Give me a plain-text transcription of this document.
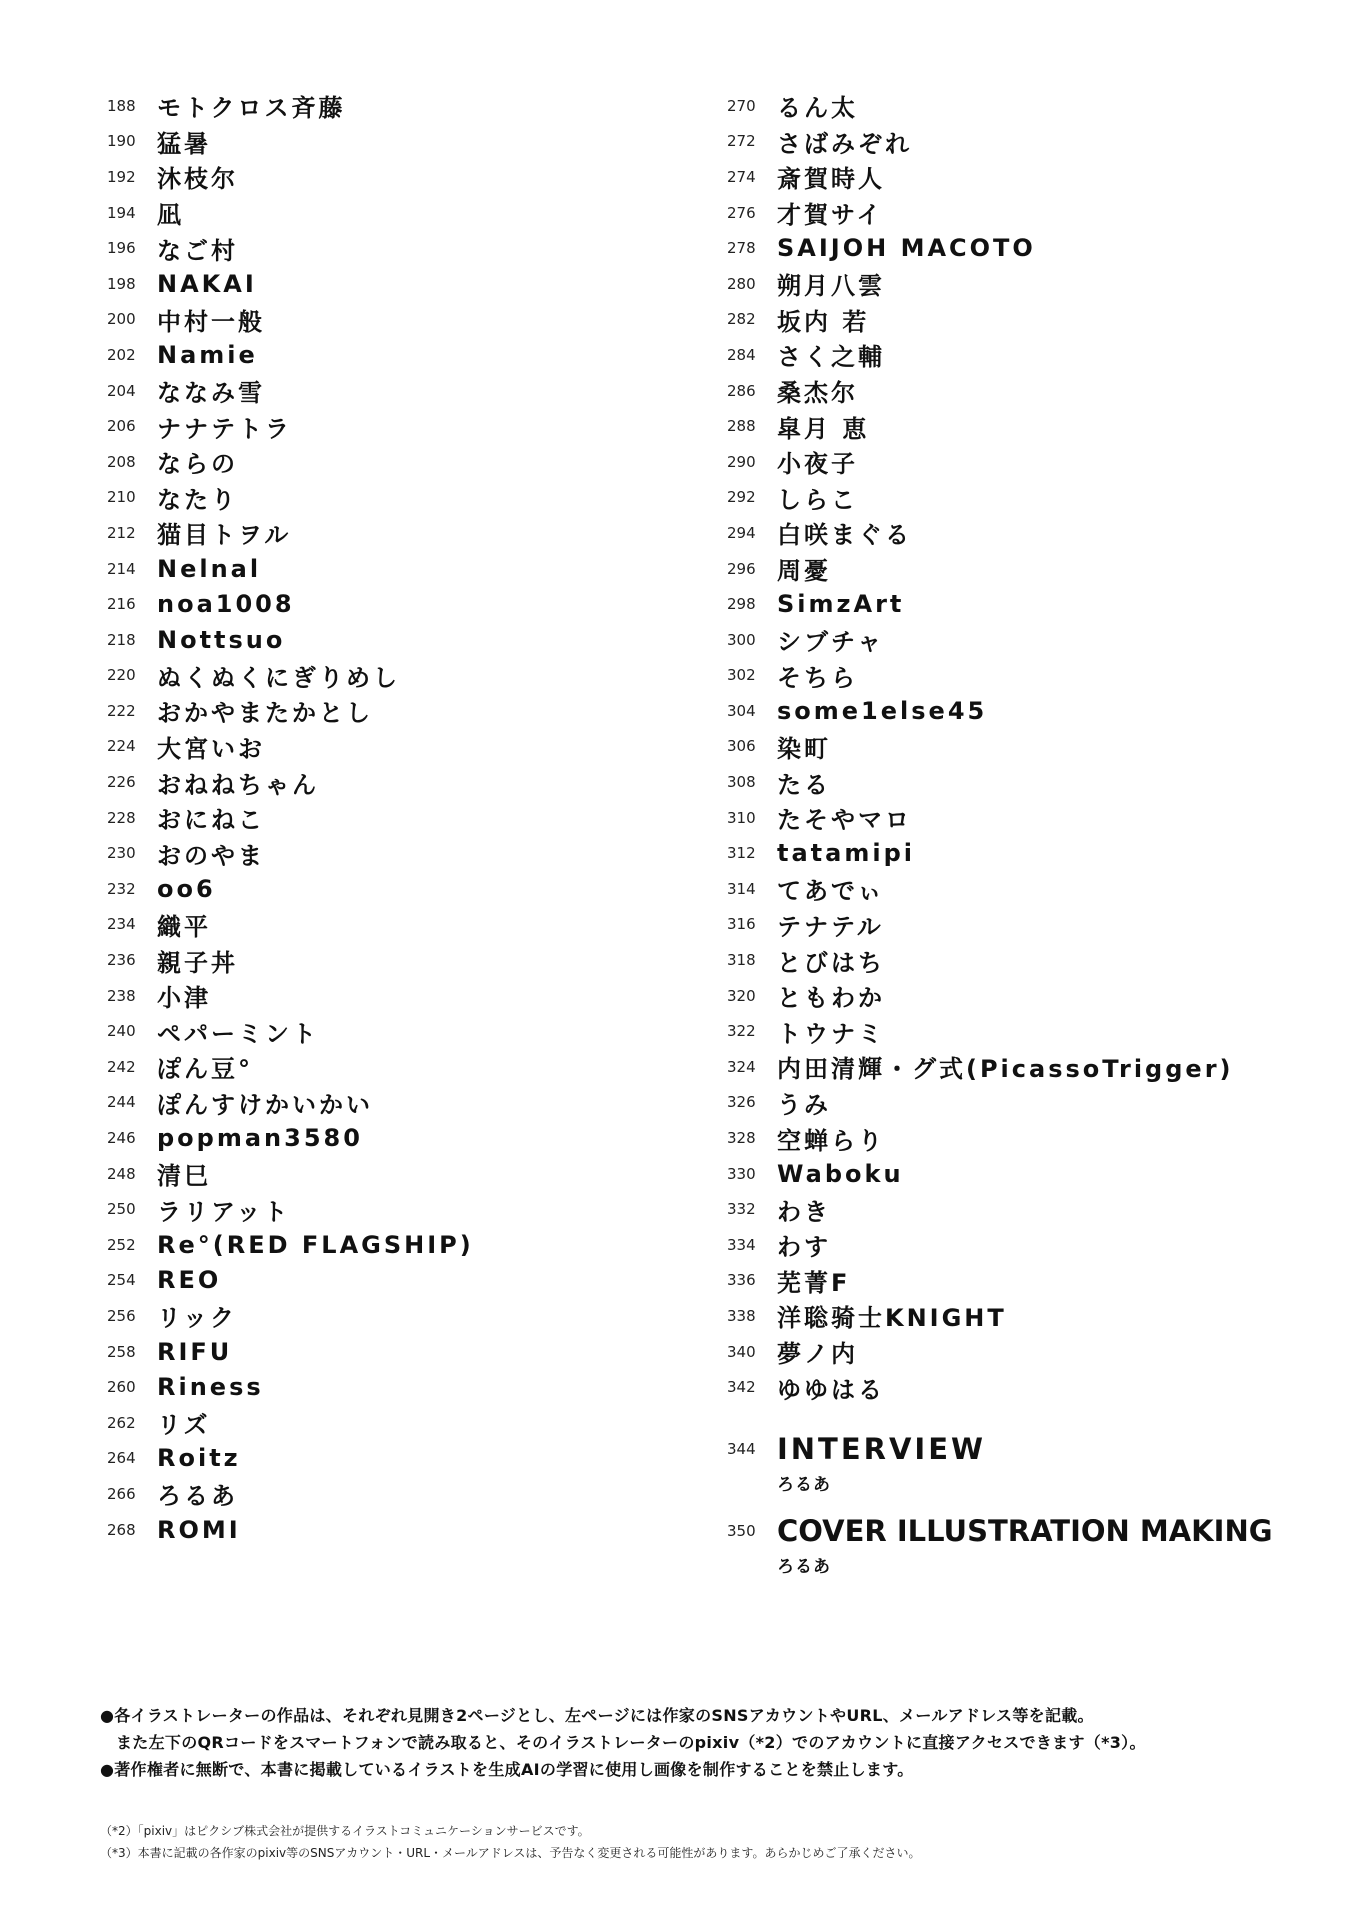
188 モトクロス斉藤
190 猛暑
192 沐枝尔
194 凪
196 なご村
198 NAKAI
200 中村一般
202 Namie
204 ななみ雪
206 ナナテトラ
208 ならの
210 なたり
212 猫目トヲル
214 Nelnal
216 noa1008
218 Nottsuo
220 ぬくぬくにぎりめし
222 おかやまたかとし
224 大宮いお
226 おねねちゃん
228 おにねこ
230 おのやま
232 oo6
234 織平
236 親子丼
238 小津
240 ペパーミント
242 ぽん豆°
244 ぽんすけかいかい
246 popman3580
248 清巳
250 ラリアット
252 Re°(RED FLAGSHIP)
254 REO
256 リック
258 RIFU
260 Riness
262 リズ
264 Roitz
266 ろるあ
268 ROMI
270 るん太
272 さばみぞれ
274 斎賀時人
276 才賀サイ
278 SAIJOH MACOTO
280 朔月八雲
282 坂内 若
284 さく之輔
286 桑杰尔
288 皐月 恵
290 小夜子
292 しらこ
294 白咲まぐる
296 周憂
298 SimzArt
300 シブチャ
302 そちら
304 some1else45
306 染町
308 たる
310 たそやマロ
312 tatamipi
314 てあでぃ
316 テナテル
318 とびはち
320 ともわか
322 トウナミ
324 内田清輝・グ式(PicassoTrigger)
326 うみ
328 空蝉らり
330 Waboku
332 わき
334 わす
336 芜菁F
338 洋聡骑士KNIGHT
340 夢ノ内
342 ゆゆはる
344 INTERVIEW
ろるあ
350 COVER ILLUSTRATION MAKING
ろるあ
●各イラストレーターの作品は、それぞれ見開き2ページとし、左ページには作家のSNSアカウントやURL、メールアドレス等を記載。
また左下のQRコードをスマートフォンで読み取ると、そのイラストレーターのpixiv（*2）でのアカウントに直接アクセスできます（*3）。
●著作権者に無断で、本書に掲載しているイラストを生成AIの学習に使用し画像を制作することを禁止します。
（*2）「pixiv」はピクシブ株式会社が提供するイラストコミュニケーションサービスです。
（*3）本書に記載の各作家のpixiv等のSNSアカウント・URL・メールアドレスは、予告なく変更される可能性があります。あらかじめご了承ください。
